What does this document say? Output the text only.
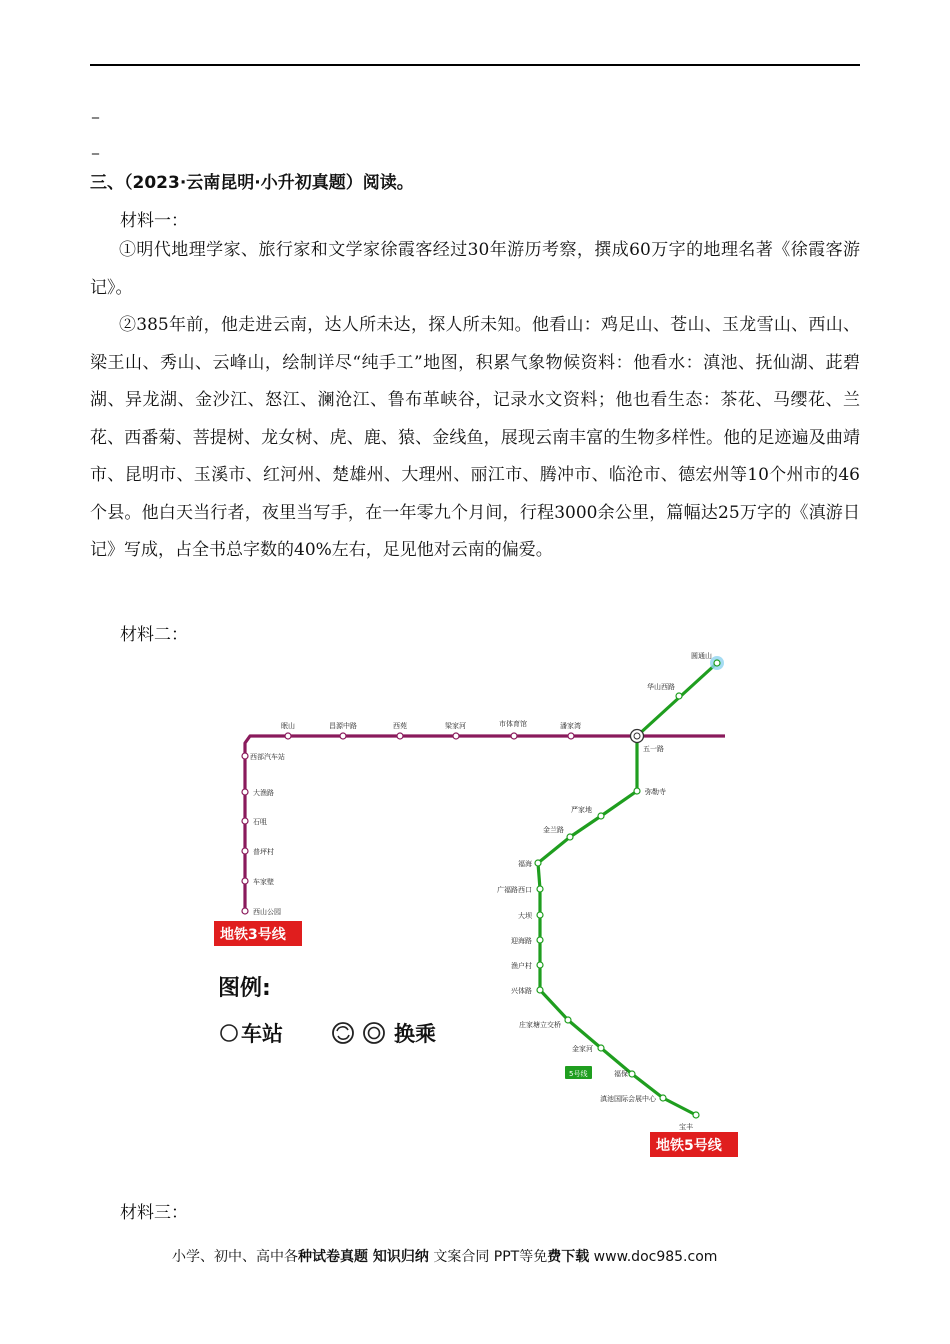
_
_
三、（2023·云南昆明·小升初真题）阅读。
材料一：

①明代地理学家、旅行家和文学家徐霞客经过30年游历考察，撰成60万字的地理名著《徐霞客游记》。

②385年前，他走进云南，达人所未达，探人所未知。他看山：鸡足山、苍山、玉龙雪山、西山、梁王山、秀山、云峰山，绘制详尽“纯手工”地图，积累气象物候资料：他看水：滇池、抚仙湖、茈碧湖、异龙湖、金沙江、怒江、澜沧江、鲁布革峡谷，记录水文资料；他也看生态：茶花、马缨花、兰花、西番菊、菩提树、龙女树、虎、鹿、猿、金线鱼，展现云南丰富的生物多样性。他的足迹遍及曲靖市、昆明市、玉溪市、红河州、楚雄州、大理州、丽江市、腾冲市、临沧市、德宏州等10个州市的46个县。他白天当行者，夜里当写手，在一年零九个月间，行程3000余公里，篇幅达25万字的《滇游日记》写成，占全书总字数的40%左右，足见他对云南的偏爱。

材料二：
西山公园
车家壁
普坪村
石咀
大渔路
西部汽车站
眠山	昌源中路	西苑	梁家河	市体育馆	潘家湾
圆通山
华山西路
五一路
弥勒寺
严家地
金兰路
福海
广福路西口
大坝
迎海路
渔户村
兴体路
庄家塘立交桥
金家河
福保
滇池国际会展中心
宝丰
5号线
地铁3号线
地铁5号线
图例:
车站	换乘
材料三：
小学、初中、高中各种试卷真题 知识归纳 文案合同 PPT等免费下载 www.doc985.com
